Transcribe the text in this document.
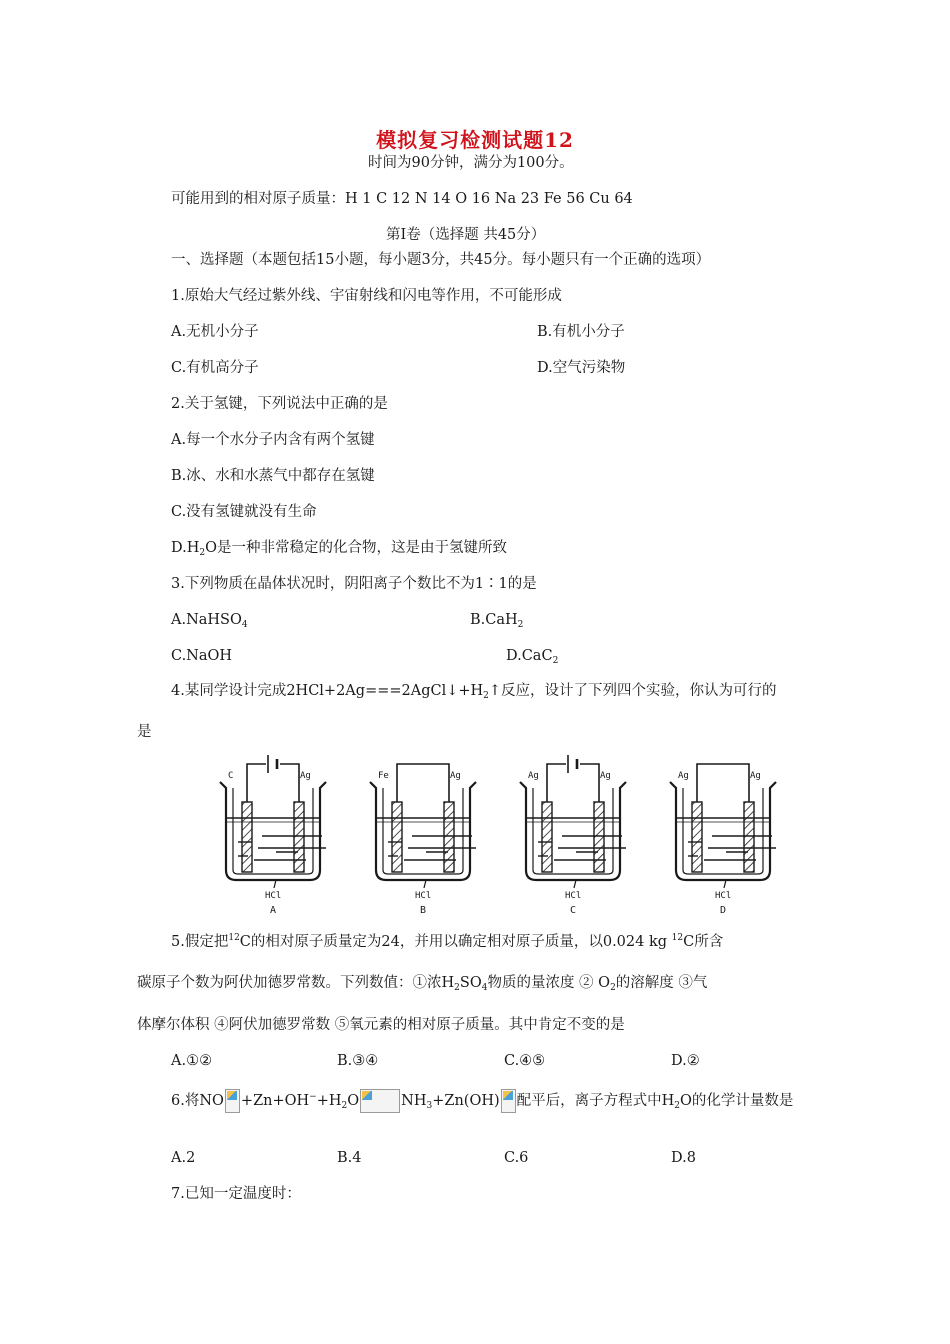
模拟复习检测试题12
时间为90分钟，满分为100分。
可能用到的相对原子质量：H 1 C 12 N 14 O 16 Na 23 Fe 56 Cu 64
第Ⅰ卷（选择题 共45分）
一、选择题（本题包括15小题，每小题3分，共45分。每小题只有一个正确的选项）
1.原始大气经过紫外线、宇宙射线和闪电等作用，不可能形成
A.无机小分子	B.有机小分子
C.有机高分子	D.空气污染物
2.关于氢键，下列说法中正确的是
A.每一个水分子内含有两个氢键
B.冰、水和水蒸气中都存在氢键
C.没有氢键就没有生命
$D.H_2O$是一种非常稳定的化合物，这是由于氢键所致
3.下列物质在晶体状况时，阴阳离子个数比不为1∶1的是
A.NaHSO$_4$	B.CaH$_2$
C.NaOH	D.CaC$_2$
4.某同学设计完成$2HCl+2Ag===2AgCl↓+H_2↑$反应，设计了下列四个实验，你认为可行的
是
C	Ag
HCl
A
Fe	Ag
HCl
B
Ag	Ag
HCl
C
Ag	Ag
HCl
D
5.假定把$^{12}$C的相对原子质量定为24，并用以确定相对原子质量，以0.024 kg $^{12}$C所含
碳原子个数为阿伏加德罗常数。下列数值：①浓$H_2SO_4$物质的量浓度 ② $O_2$的溶解度 ③气
体摩尔体积 ④阿伏加德罗常数 ⑤氧元素的相对原子质量。其中肯定不变的是
A.①②	B.③④	C.④⑤	D.②
6.将NO $+Zn+OH^-+H_2O$	$NH_3+Zn(OH)$ 配平后，离子方程式中$H_2O$的化学计量数是
A.2	B.4	C.6	D.8
7.已知一定温度时：
